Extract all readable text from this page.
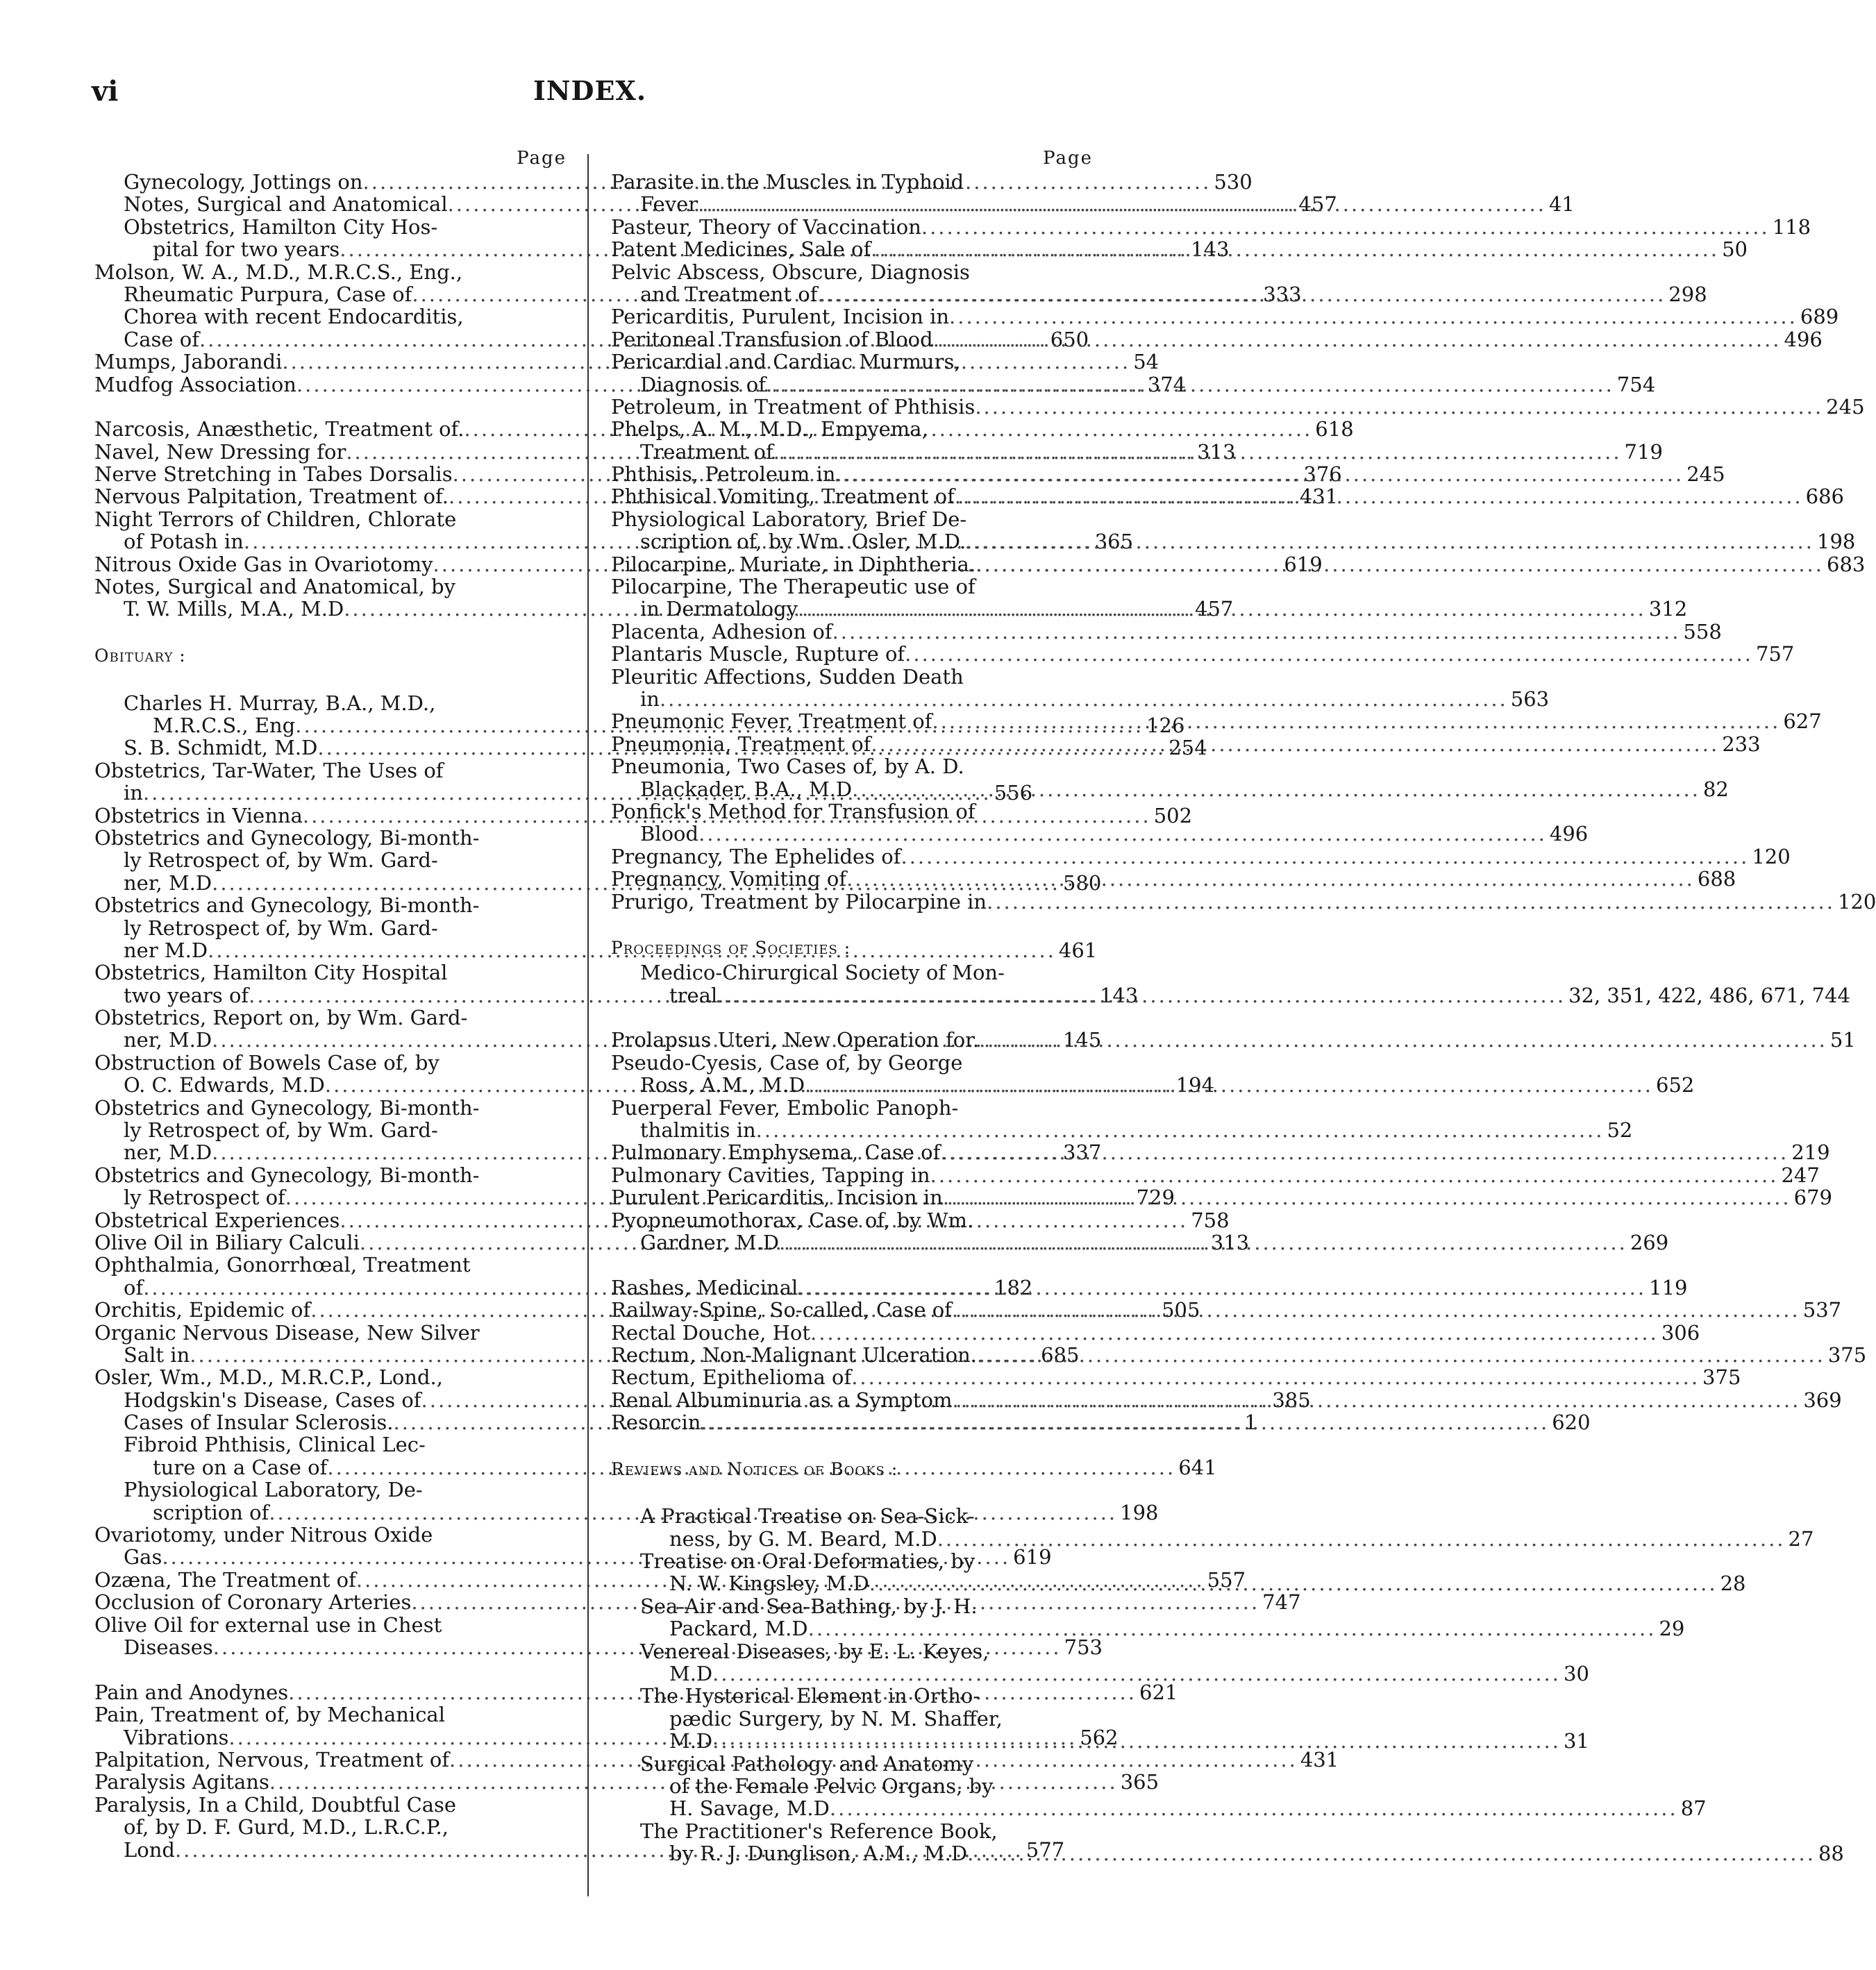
vi	INDEX.
Page
Gynecology, Jottings on .....	530
Notes, Surgical and Anatomical .....	457
Obstetrics, Hamilton City Hos-
pital for two years .....	143
Molson, W. A., M.D., M.R.C.S., Eng.,
Rheumatic Purpura, Case of .....	333
Chorea with recent Endocarditis,
Case of .....	650
Mumps, Jaborandi .....	54
Mudfog Association .....	374
Narcosis, Anæsthetic, Treatment of. .....	618
Navel, New Dressing for .....	313
Nerve Stretching in Tabes Dorsalis .....	376
Nervous Palpitation, Treatment of. .....	431
Night Terrors of Children, Chlorate
of Potash in .....	365
Nitrous Oxide Gas in Ovariotomy .....	619
Notes, Surgical and Anatomical, by
T. W. Mills, M.A., M.D .....	457
Obituary :
Charles H. Murray, B.A., M.D.,
M.R.C.S., Eng .....	126
S. B. Schmidt, M.D .....	254
Obstetrics, Tar-Water, The Uses of
in .....	556
Obstetrics in Vienna .....	502
Obstetrics and Gynecology, Bi-month-
ly Retrospect of, by Wm. Gard-
ner, M.D .....	580
Obstetrics and Gynecology, Bi-month-
ly Retrospect of, by Wm. Gard-
ner M.D .....	461
Obstetrics, Hamilton City Hospital
two years of .....	143
Obstetrics, Report on, by Wm. Gard-
ner, M.D .....	145
Obstruction of Bowels Case of, by
O. C. Edwards, M.D .....	194
Obstetrics and Gynecology, Bi-month-
ly Retrospect of, by Wm. Gard-
ner, M.D .....	337
Obstetrics and Gynecology, Bi-month-
ly Retrospect of .....	729
Obstetrical Experiences .....	758
Olive Oil in Biliary Calculi .....	313
Ophthalmia, Gonorrhœal, Treatment
of .....	182
Orchitis, Epidemic of .....	505
Organic Nervous Disease, New Silver
Salt in .....	685
Osler, Wm., M.D., M.R.C.P., Lond.,
Hodgskin's Disease, Cases of .....	385
Cases of Insular Sclerosis. .....	1
Fibroid Phthisis, Clinical Lec-
ture on a Case of .....	641
Physiological Laboratory, De-
scription of .....	198
Ovariotomy, under Nitrous Oxide
Gas .....	619
Ozæna, The Treatment of .....	557
Occlusion of Coronary Arteries .....	747
Olive Oil for external use in Chest
Diseases .....	753
Pain and Anodynes .....	621
Pain, Treatment of, by Mechanical
Vibrations .....	562
Palpitation, Nervous, Treatment of .....	431
Paralysis Agitans .....	365
Paralysis, In a Child, Doubtful Case
of, by D. F. Gurd, M.D., L.R.C.P.,
Lond .....	577
Page
Parasite in the Muscles in Typhoid
Fever .....	41
Pasteur, Theory of Vaccination .....	118
Patent Medicines, Sale of .....	50
Pelvic Abscess, Obscure, Diagnosis
and Treatment of .....	298
Pericarditis, Purulent, Incision in .....	689
Peritoneal Transfusion of Blood .....	496
Pericardial and Cardiac Murmurs,
Diagnosis of .....	754
Petroleum, in Treatment of Phthisis .....	245
Phelps, A. M., M.D., Empyema,
Treatment of .....	719
Phthisis, Petroleum in .....	245
Phthisical Vomiting, Treatment of .....	686
Physiological Laboratory, Brief De-
scription of, by Wm. Osler, M.D. .....	198
Pilocarpine, Muriate, in Diphtheria. .....	683
Pilocarpine, The Therapeutic use of
in Dermatology .....	312
Placenta, Adhesion of .....	558
Plantaris Muscle, Rupture of .....	757
Pleuritic Affections, Sudden Death
in .....	563
Pneumonic Fever, Treatment of .....	627
Pneumonia, Treatment of .....	233
Pneumonia, Two Cases of, by A. D.
Blackader, B.A., M.D .....	82
Ponfick's Method for Transfusion of
Blood .....	496
Pregnancy, The Ephelides of .....	120
Pregnancy, Vomiting of .....	688
Prurigo, Treatment by Pilocarpine in .....	120
Proceedings of Societies :
Medico-Chirurgical Society of Mon-
treal .....	32, 351, 422, 486, 671, 744
Prolapsus Uteri, New Operation for. .....	51
Pseudo-Cyesis, Case of, by George
Ross, A.M., M.D .....	652
Puerperal Fever, Embolic Panoph-
thalmitis in .....	52
Pulmonary Emphysema, Case of .....	219
Pulmonary Cavities, Tapping in .....	247
Purulent Pericarditis, Incision in .....	679
Pyopneumothorax, Case of, by Wm.
Gardner, M.D .....	269
Rashes, Medicinal .....	119
Railway-Spine, So-called, Case of .....	537
Rectal Douche, Hot .....	306
Rectum, Non-Malignant Ulceration. .....	375
Rectum, Epithelioma of .....	375
Renal Albuminuria as a Symptom .....	369
Resorcin .....	620
Reviews and Notices of Books :
A Practical Treatise on Sea-Sick-
ness, by G. M. Beard, M.D .....	27
Treatise on Oral Deformaties, by
N. W. Kingsley, M.D .....	28
Sea-Air and Sea-Bathing, by J. H.
Packard, M.D .....	29
Venereal Diseases, by E. L. Keyes,
M.D .....	30
The Hysterical Element in Ortho-
pædic Surgery, by N. M. Shaffer,
M.D .....	31
Surgical Pathology and Anatomy
of the Female Pelvic Organs, by
H. Savage, M.D .....	87
The Practitioner's Reference Book,
by R. J. Dunglison, A.M., M.D .....	88
